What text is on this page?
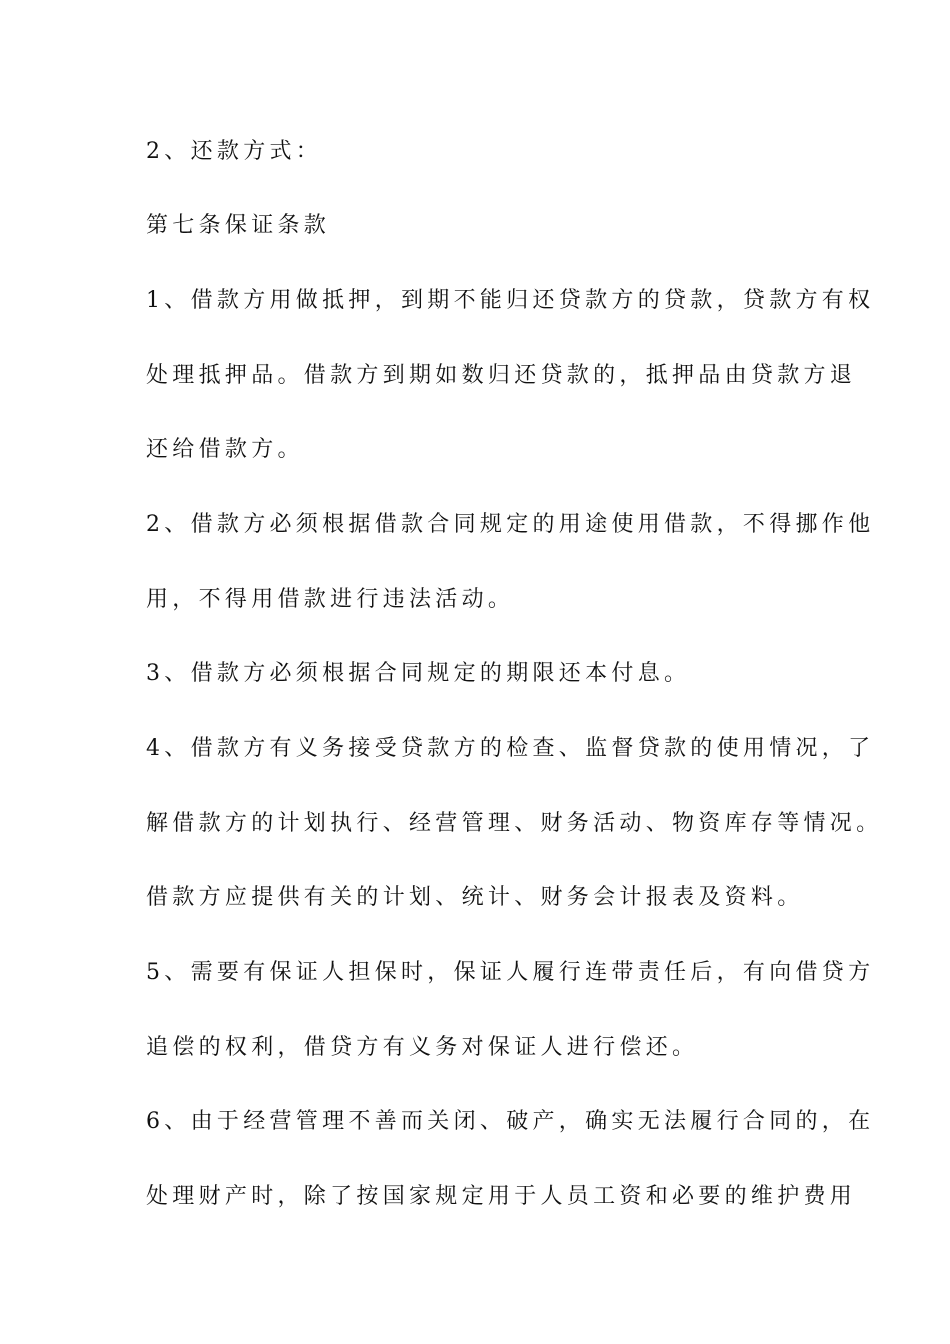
2、还款方式：
第七条保证条款
1、借款方用做抵押，到期不能归还贷款方的贷款，贷款方有权
处理抵押品。借款方到期如数归还贷款的，抵押品由贷款方退
还给借款方。
2、借款方必须根据借款合同规定的用途使用借款，不得挪作他
用，不得用借款进行违法活动。
3、借款方必须根据合同规定的期限还本付息。
4、借款方有义务接受贷款方的检查、监督贷款的使用情况，了
解借款方的计划执行、经营管理、财务活动、物资库存等情况。
借款方应提供有关的计划、统计、财务会计报表及资料。
5、需要有保证人担保时，保证人履行连带责任后，有向借贷方
追偿的权利，借贷方有义务对保证人进行偿还。
6、由于经营管理不善而关闭、破产，确实无法履行合同的，在
处理财产时，除了按国家规定用于人员工资和必要的维护费用
